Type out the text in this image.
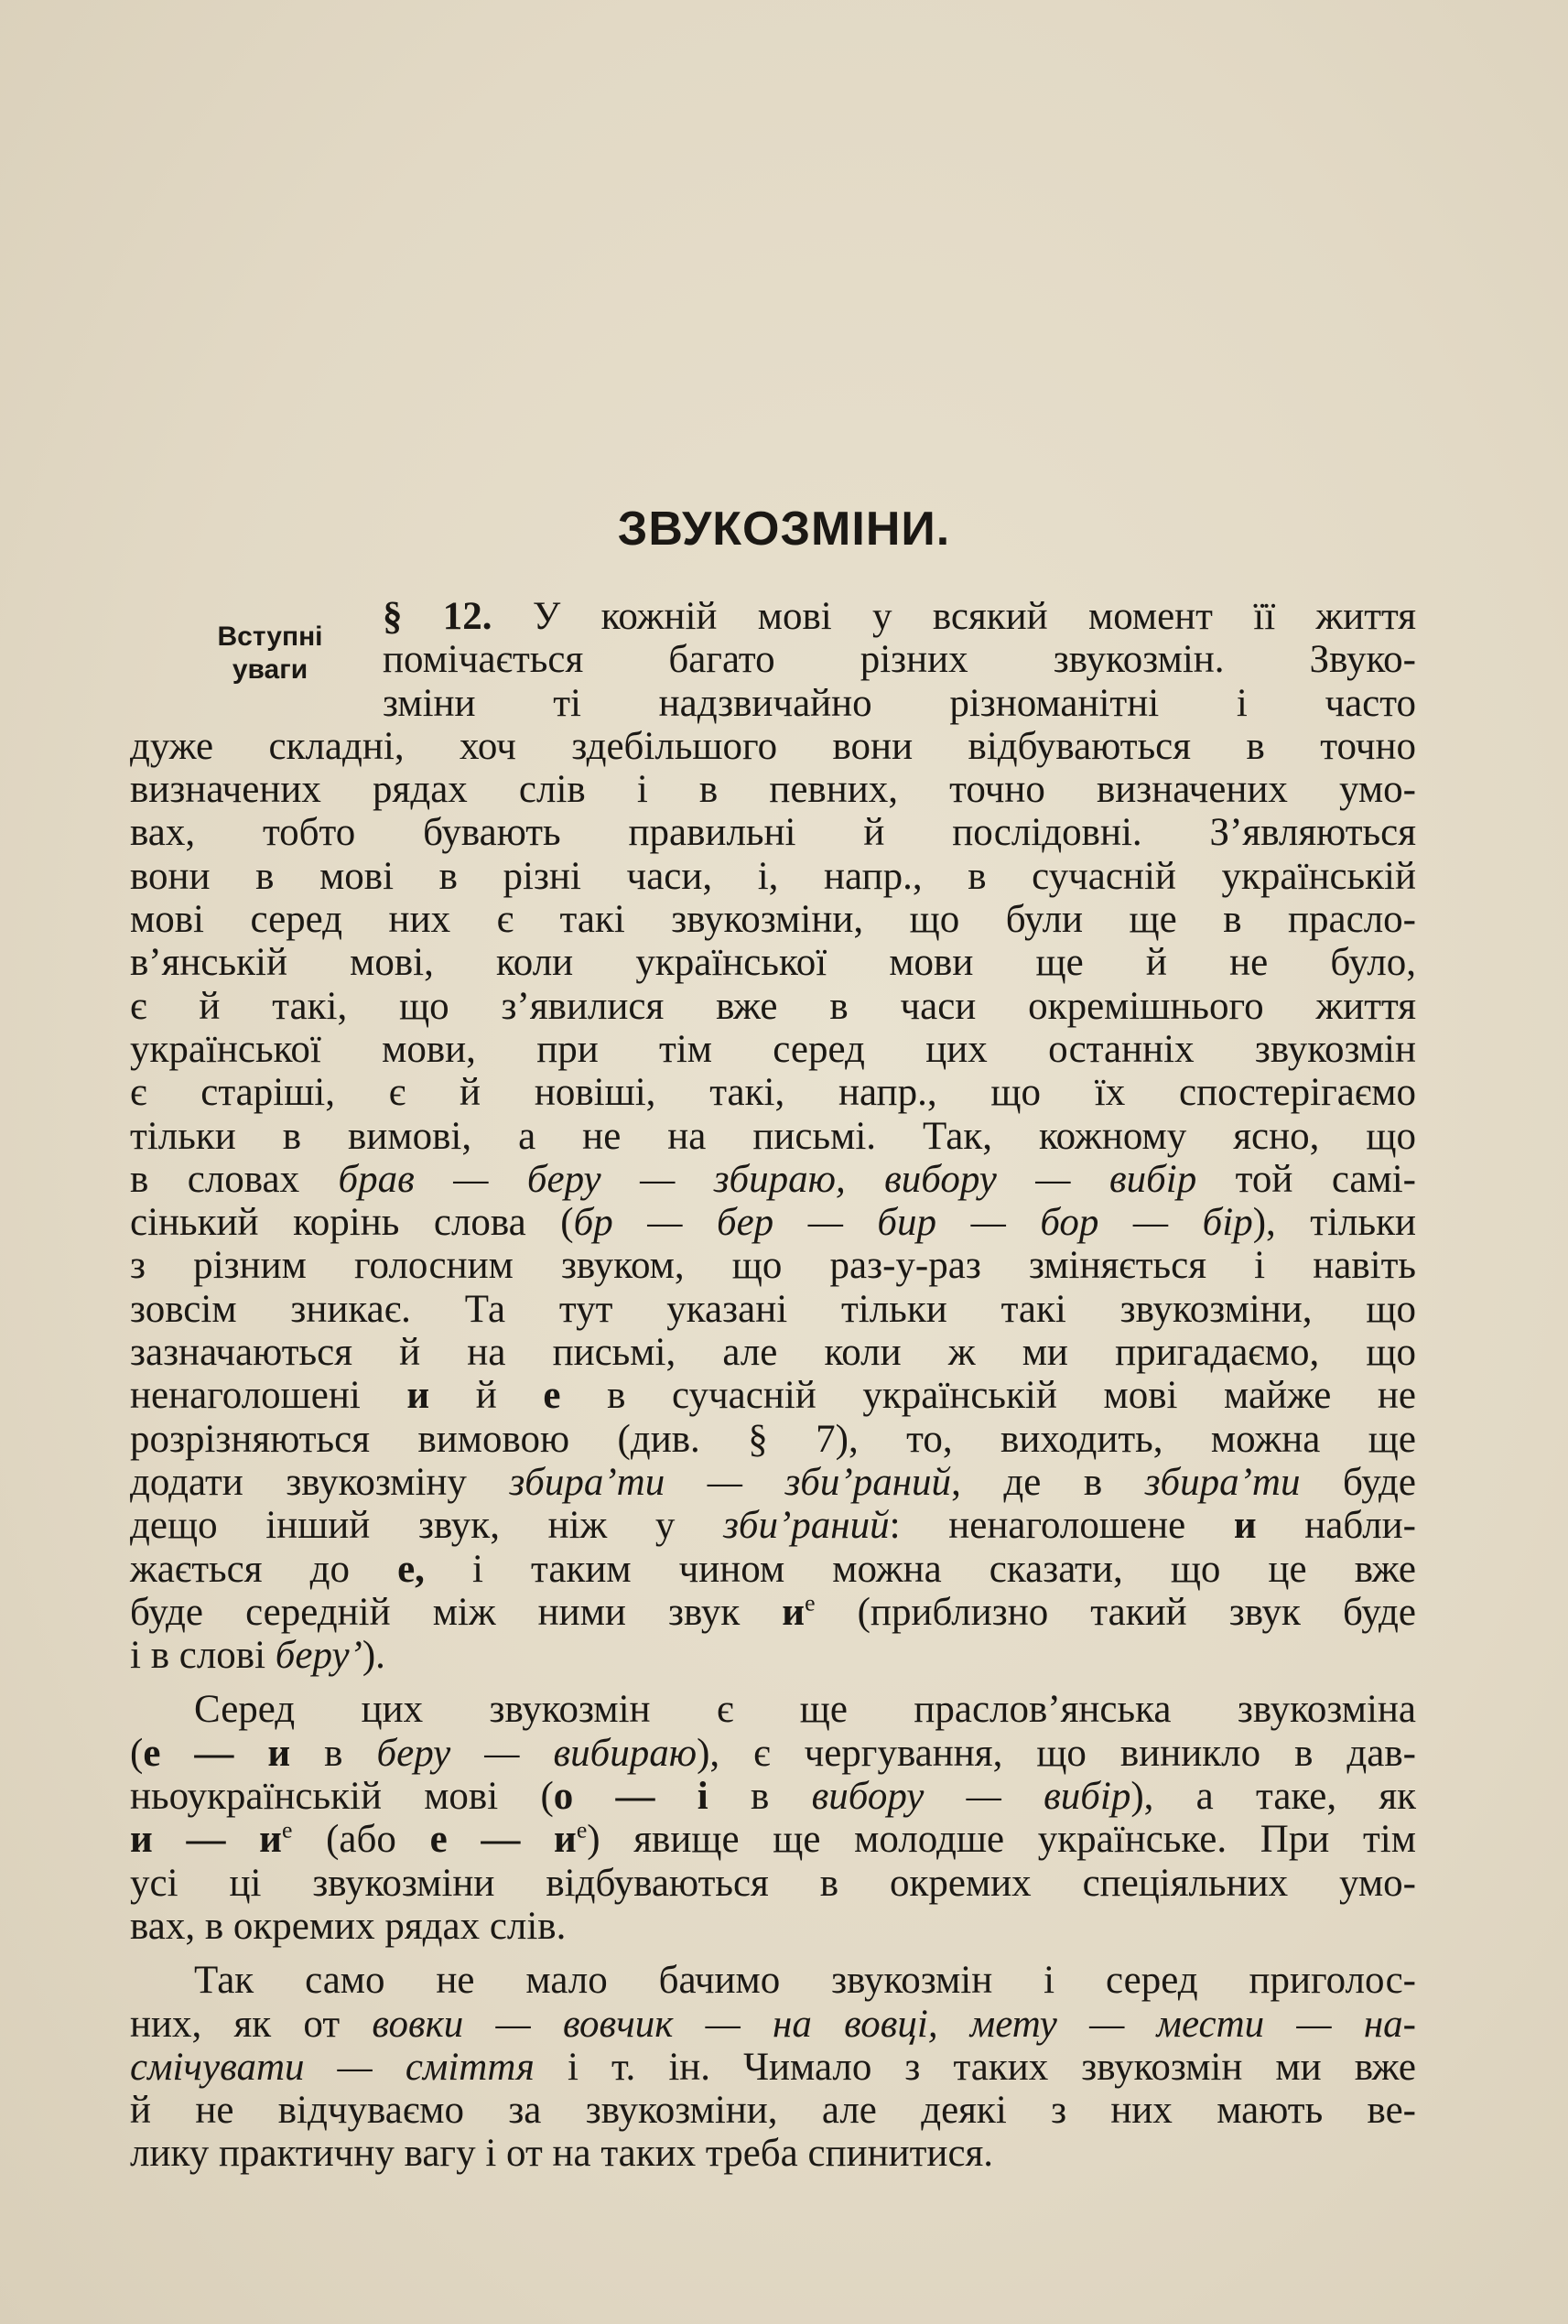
ЗВУКОЗМІНИ.
Вступні
уваги
§ 12. У кожній мові у всякий момент її життя
помічається багато різних звукозмін. Звуко-
зміни ті надзвичайно різноманітні і часто
дуже складні, хоч здебільшого вони відбуваються в точно
визначених рядах слів і в певних, точно визначених умо-
вах, тобто бувають правильні й послідовні. З’являються
вони в мові в різні часи, і, напр., в сучасній українській
мові серед них є такі звукозміни, що були ще в прасло-
в’янській мові, коли української мови ще й не було,
є й такі, що з’явилися вже в часи окремішнього життя
української мови, при тім серед цих останніх звукозмін
є старіші, є й новіші, такі, напр., що їх спостерігаємо
тільки в вимові, а не на письмі. Так, кожному ясно, що
в словах брав — беру — збираю, вибору — вибір той самі-
сінький корінь слова (бр — бер — бир — бор — бір), тільки
з різним голосним звуком, що раз-у-раз зміняється і навіть
зовсім зникає. Та тут указані тільки такі звукозміни, що
зазначаються й на письмі, але коли ж ми пригадаємо, що
ненаголошені и й е в сучасній українській мові майже не
розрізняються вимовою (див. § 7), то, виходить, можна ще
додати звукозміну збира’ти — зби’раний, де в збира’ти буде
дещо інший звук, ніж у зби’раний: ненаголошене и набли-
жається до е, і таким чином можна сказати, що це вже
буде середній між ними звук $и^е$ (приблизно такий звук буде
і в слові беру’).
Серед цих звукозмін є ще праслов’янська звукозміна
(е — и в беру — вибираю), є чергування, що виникло в дав-
ньоукраїнській мові (о — і в вибору — вибір), а таке, як
и — $и^е$ (або е — $и^е$) явище ще молодше українське. При тім
усі ці звукозміни відбуваються в окремих спеціяльних умо-
вах, в окремих рядах слів.
Так само не мало бачимо звукозмін і серед приголос-
них, як от вовки — вовчик — на вовці, мету — мести — на-
смічувати — сміття і т. ін. Чимало з таких звукозмін ми вже
й не відчуваємо за звукозміни, але деякі з них мають ве-
лику практичну вагу і от на таких треба спинитися.
